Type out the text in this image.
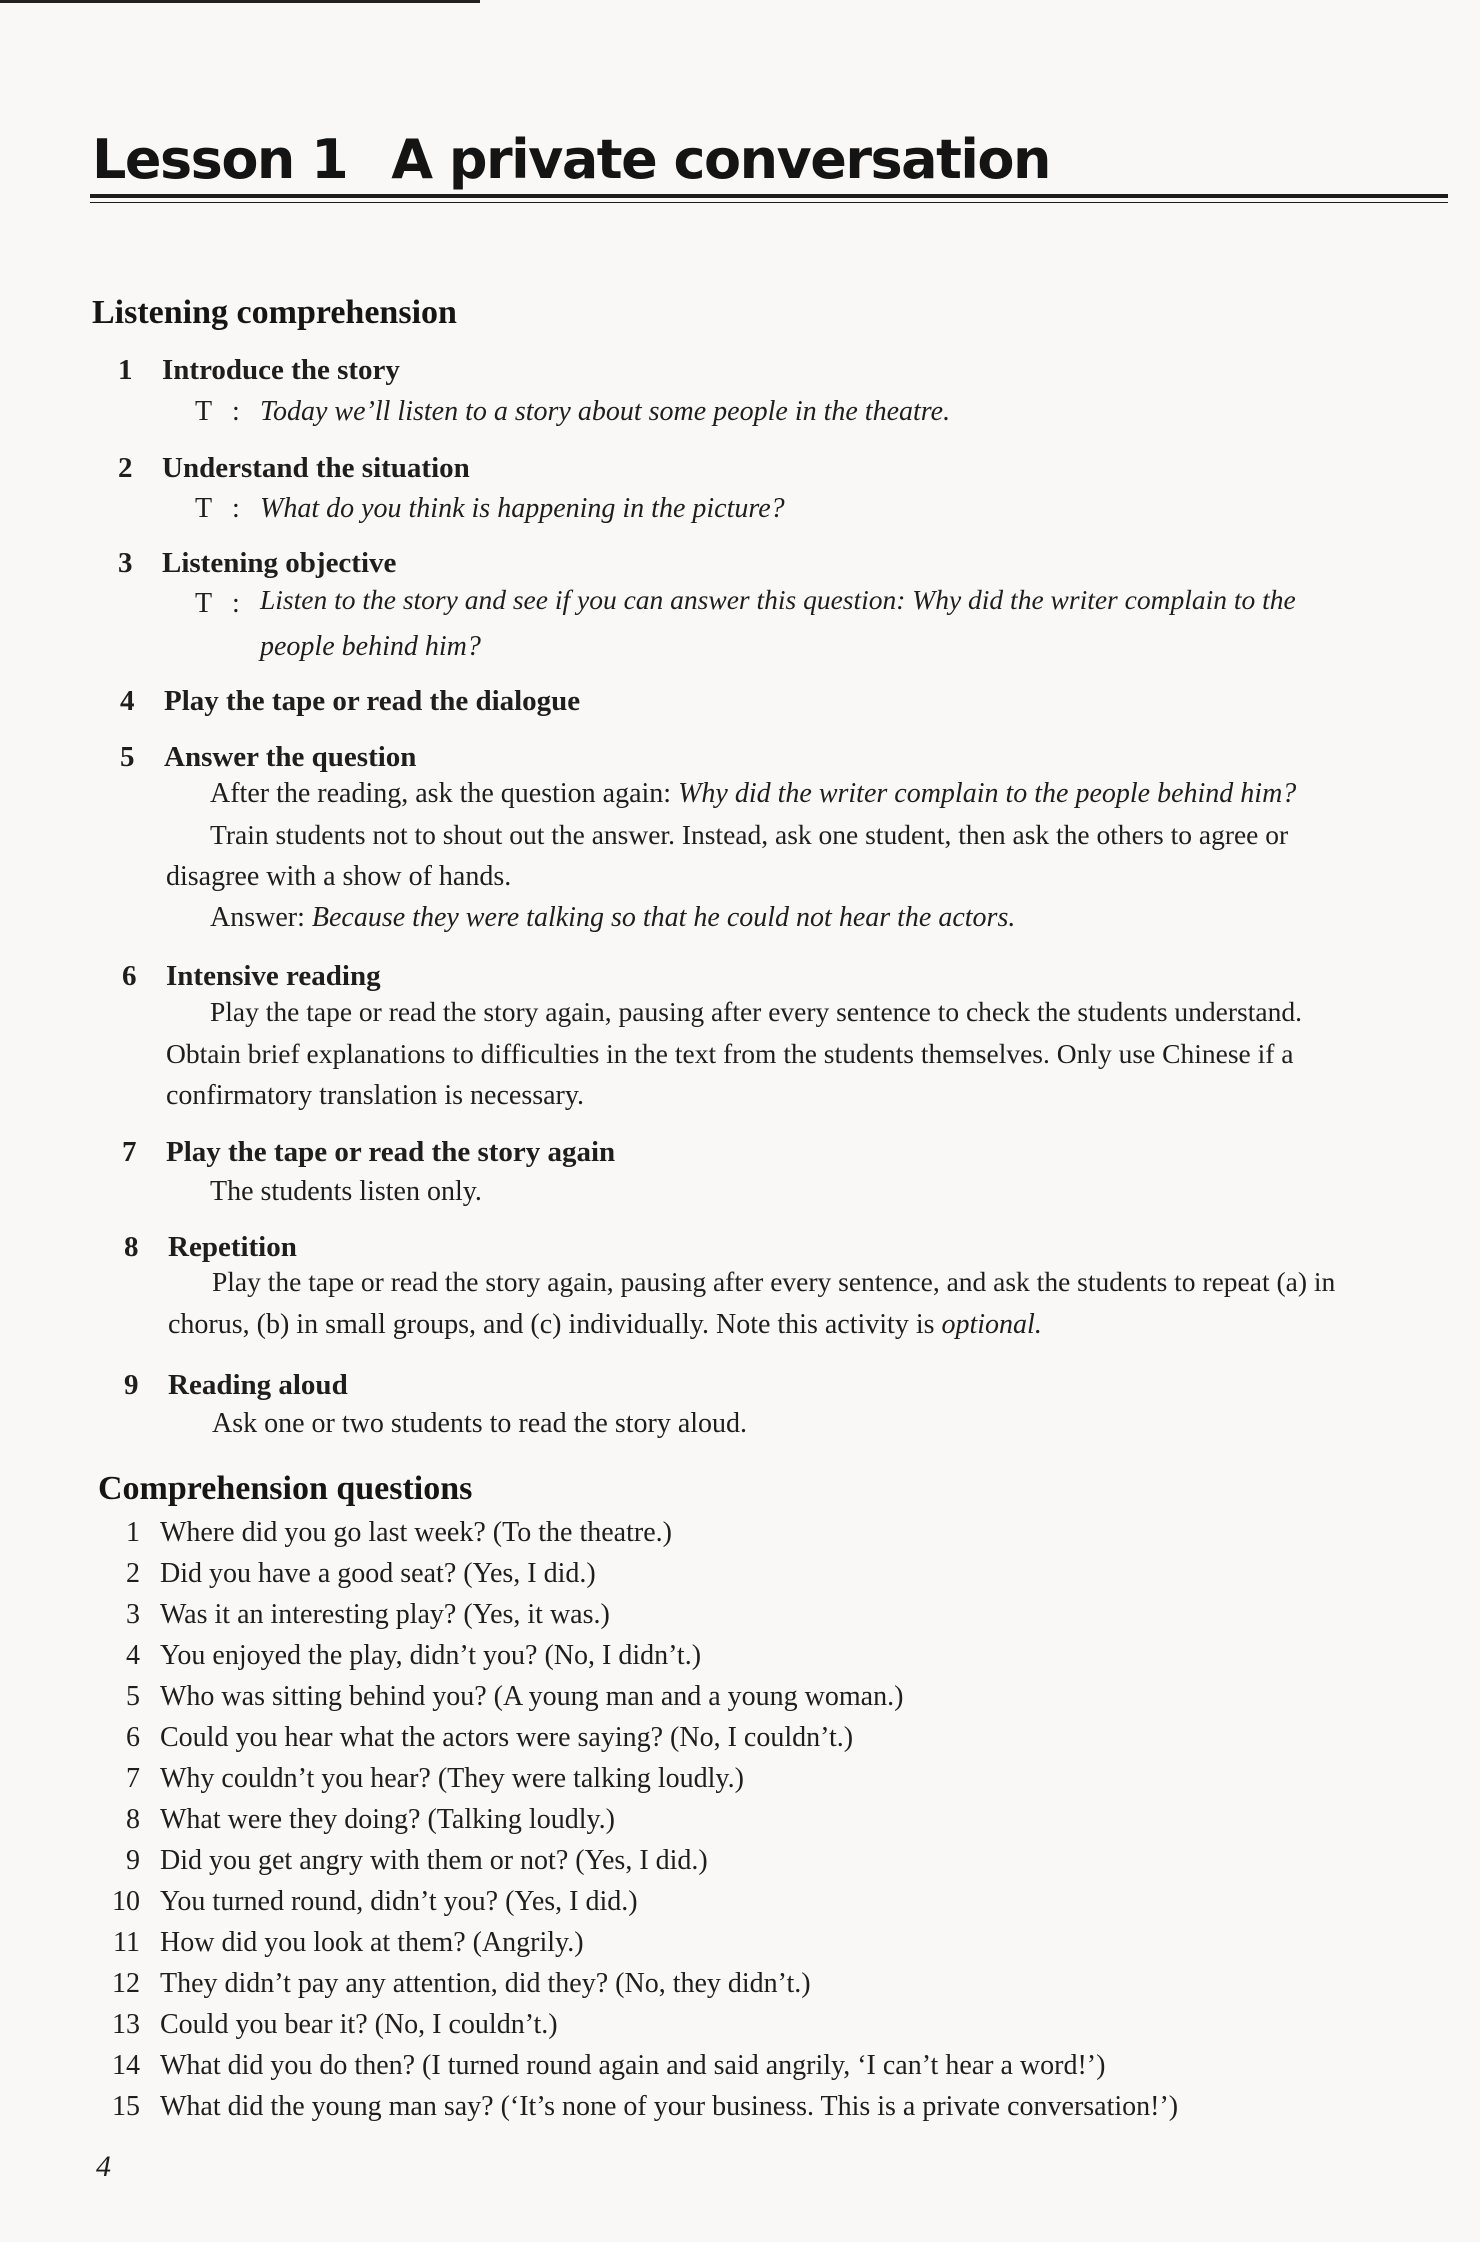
Lesson 1 A private conversation
Listening comprehension
1 Introduce the story
T : Today we’ll listen to a story about some people in the theatre.
2 Understand the situation
T : What do you think is happening in the picture?
3 Listening objective
T : Listen to the story and see if you can answer this question: Why did the writer complain to the
people behind him?
4 Play the tape or read the dialogue
5 Answer the question
After the reading, ask the question again: Why did the writer complain to the people behind him?
Train students not to shout out the answer. Instead, ask one student, then ask the others to agree or
disagree with a show of hands.
Answer: Because they were talking so that he could not hear the actors.
6 Intensive reading
Play the tape or read the story again, pausing after every sentence to check the students understand.
Obtain brief explanations to difficulties in the text from the students themselves. Only use Chinese if a
confirmatory translation is necessary.
7 Play the tape or read the story again
The students listen only.
8 Repetition
Play the tape or read the story again, pausing after every sentence, and ask the students to repeat (a) in
chorus, (b) in small groups, and (c) individually. Note this activity is optional.
9 Reading aloud
Ask one or two students to read the story aloud.
Comprehension questions
1 Where did you go last week? (To the theatre.)
2 Did you have a good seat? (Yes, I did.)
3 Was it an interesting play? (Yes, it was.)
4 You enjoyed the play, didn’t you? (No, I didn’t.)
5 Who was sitting behind you? (A young man and a young woman.)
6 Could you hear what the actors were saying? (No, I couldn’t.)
7 Why couldn’t you hear? (They were talking loudly.)
8 What were they doing? (Talking loudly.)
9 Did you get angry with them or not? (Yes, I did.)
10 You turned round, didn’t you? (Yes, I did.)
11 How did you look at them? (Angrily.)
12 They didn’t pay any attention, did they? (No, they didn’t.)
13 Could you bear it? (No, I couldn’t.)
14 What did you do then? (I turned round again and said angrily, ‘I can’t hear a word!’)
15 What did the young man say? (‘It’s none of your business. This is a private conversation!’)
4
